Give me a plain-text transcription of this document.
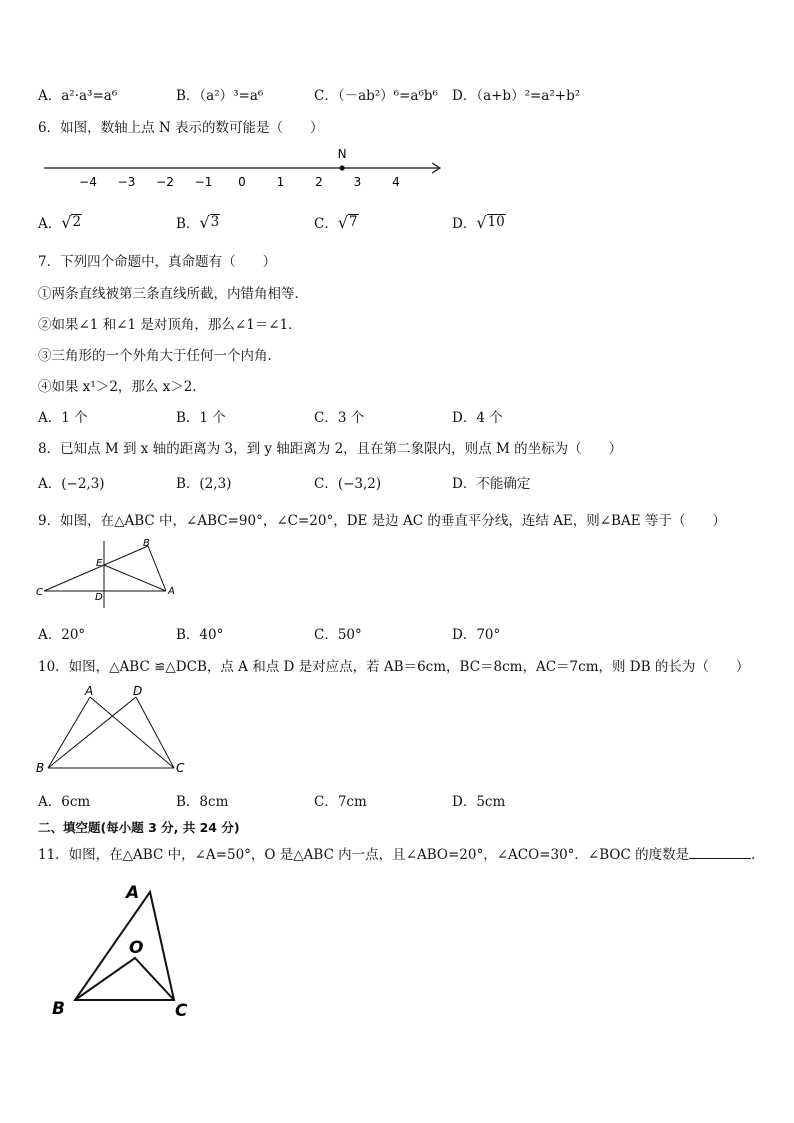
A．a²·a³=a⁶	B．（a²）³=a⁶	C．（－ab²）⁶=a⁶b⁶ D．（a+b）²=a²+b²
6．如图，数轴上点 N 表示的数可能是（　　）
−4 −3 −2 −1 0	1	2	3	4
N
A． √ 2	B． √ 3	C． √ 7	D． √ 10
7．下列四个命题中，真命题有（　　）
①两条直线被第三条直线所截，内错角相等．
②如果∠1 和∠1 是对顶角，那么∠1＝∠1．
③三角形的一个外角大于任何一个内角．
④如果 x¹＞2，那么 x＞2．
A．1 个	B．1 个	C．3 个	D．4 个
8．已知点 M 到 x 轴的距离为 3，到 y 轴距离为 2，且在第二象限内，则点 M 的坐标为（　　）
A．(−2,3)	B．(2,3)	C．(−3,2)	D．不能确定
9．如图，在△ABC 中，∠ABC=90°，∠C=20°，DE 是边 AC 的垂直平分线，连结 AE，则∠BAE 等于（　　）
B
E
C	D
A
A．20°	B．40°	C．50°	D．70°
10．如图，△ABC ≌△DCB，点 A 和点 D 是对应点，若 AB＝6cm，BC＝8cm，AC＝7cm，则 DB 的长为（　　）
A	D
B	C
A．6cm	B．8cm	C．7cm	D．5cm
二、填空题(每小题 3 分, 共 24 分)
11．如图，在△ABC 中，∠A=50°，O 是△ABC 内一点，且∠ABO=20°，∠ACO=30°．∠BOC 的度数是	．
A
O
B	C
